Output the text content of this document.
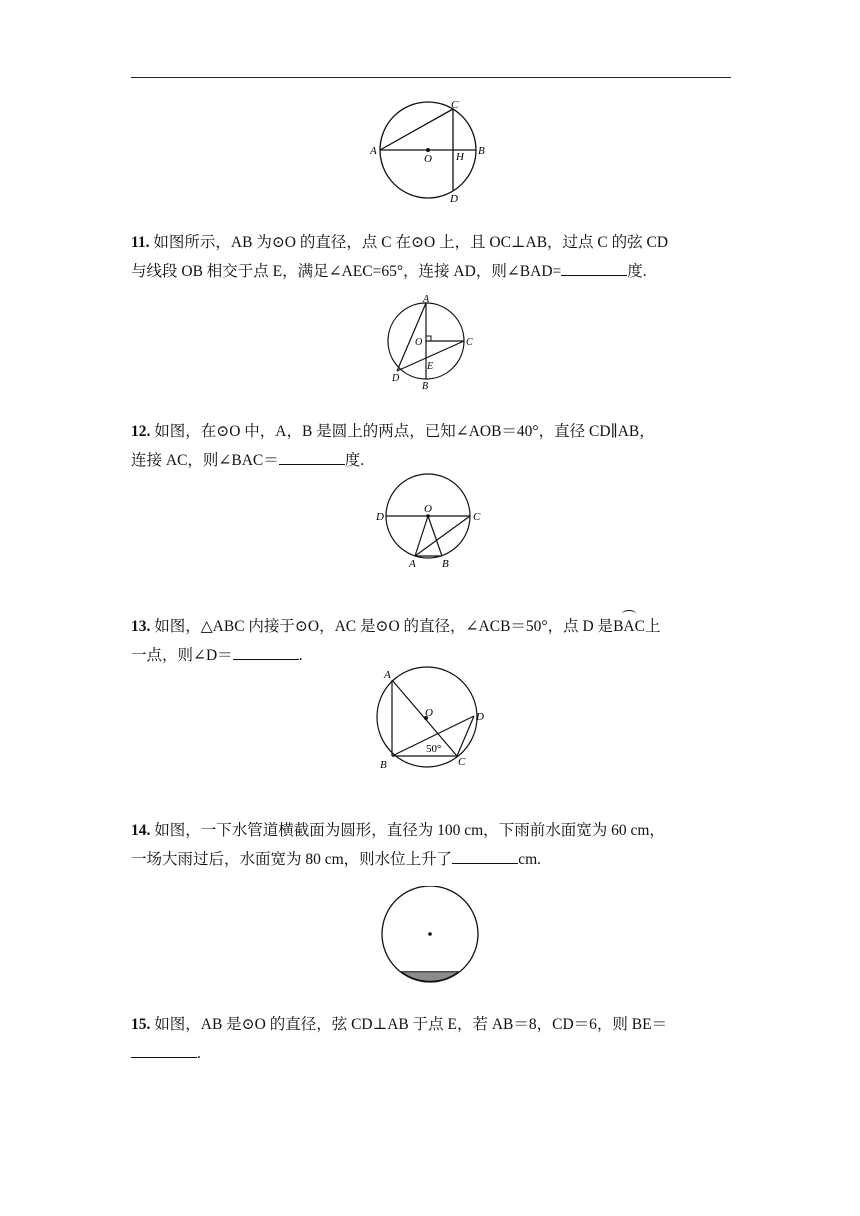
A
O H B
C
D
11. 如图所示，AB 为⊙O 的直径，点 C 在⊙O 上，且 OC⊥AB，过点 C 的弦 CD
与线段 OB 相交于点 E，满足∠AEC=65°，连接 AD，则∠BAD=	度.
A
O	C
E
D
B
12. 如图，在⊙O 中，A，B 是圆上的两点，已知∠AOB＝40°，直径 CD∥AB，
连接 AC，则∠BAC＝	度.
D
O
C
A B
13. 如图，△ABC 内接于⊙O，AC 是⊙O 的直径，∠ACB＝50°，点 D 是
BAC上
一点，则∠D＝	.
A
O	D
B	C
50°
14. 如图，一下水管道横截面为圆形，直径为 100 cm，下雨前水面宽为 60 cm，
一场大雨过后，水面宽为 80 cm，则水位上升了	cm.
15. 如图，AB 是⊙O 的直径，弦 CD⊥AB 于点 E，若 AB＝8，CD＝6，则 BE＝
.
